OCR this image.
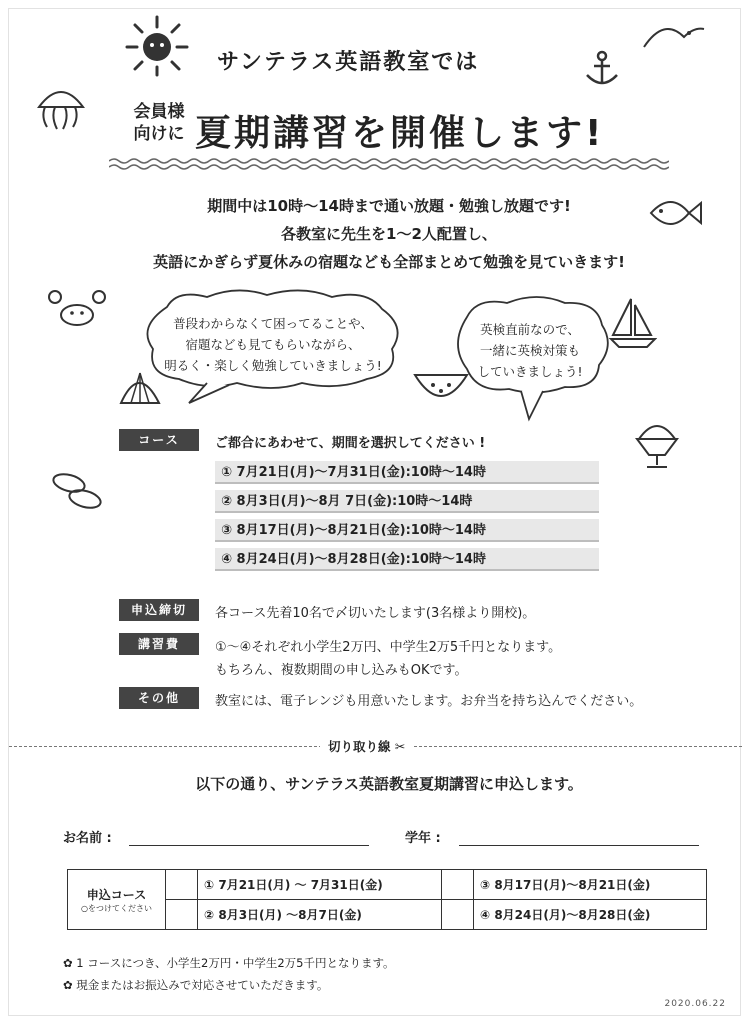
サンテラス英語教室では
会員様
向けに 夏期講習を開催します!
期間中は10時～14時まで通い放題・勉強し放題です!
各教室に先生を1～2人配置し、
英語にかぎらず夏休みの宿題なども全部まとめて勉強を見ていきます!
普段わからなくて困ってることや、
宿題なども見てもらいながら、
明るく・楽しく勉強していきましょう!
英検直前なので、
一緒に英検対策も
していきましょう!
コース	ご都合にあわせて、期間を選択してください !
① 7月21日(月)～7月31日(金):10時～14時
② 8月3日(月)～8月 7日(金):10時～14時
③ 8月17日(月)～8月21日(金):10時～14時
④ 8月24日(月)～8月28日(金):10時～14時
申込締切	各コース先着10名で〆切いたします(3名様より開校)。
講習費	①～④それぞれ小学生2万円、中学生2万5千円となります。
もちろん、複数期間の申し込みもOKです。
その他	教室には、電子レンジも用意いたします。お弁当を持ち込んでください。
切り取り線 ✂
以下の通り、サンテラス英語教室夏期講習に申込します。
お名前 :	学年 :
申込コース
○をつけてください		① 7月21日(月) ～ 7月31日(金)		③ 8月17日(月)～8月21日(金)
		② 8月3日(月) ～8月7日(金)		④ 8月24日(月)～8月28日(金)
✿ 1 コースにつき、小学生2万円・中学生2万5千円となります。
✿ 現金またはお振込みで対応させていただきます。
2020.06.22
